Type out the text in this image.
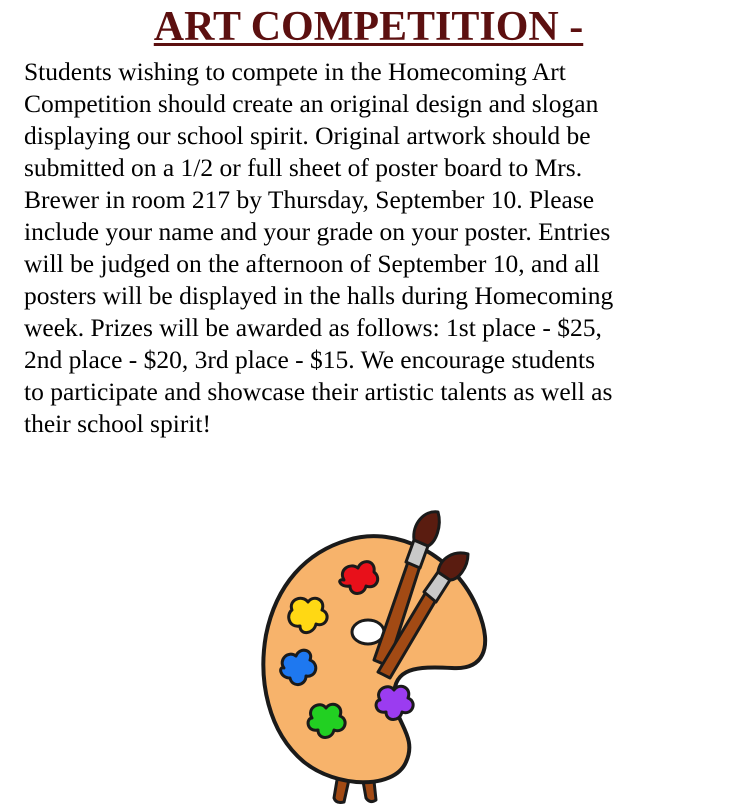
ART COMPETITION -
Students wishing to compete in the Homecoming Art
Competition should create an original design and slogan
displaying our school spirit. Original artwork should be
submitted on a 1/2 or full sheet of poster board to Mrs.
Brewer in room 217 by Thursday, September 10. Please
include your name and your grade on your poster. Entries
will be judged on the afternoon of September 10, and all
posters will be displayed in the halls during Homecoming
week. Prizes will be awarded as follows: 1st place - $25,
2nd place - $20, 3rd place - $15. We encourage students
to participate and showcase their artistic talents as well as
their school spirit!
